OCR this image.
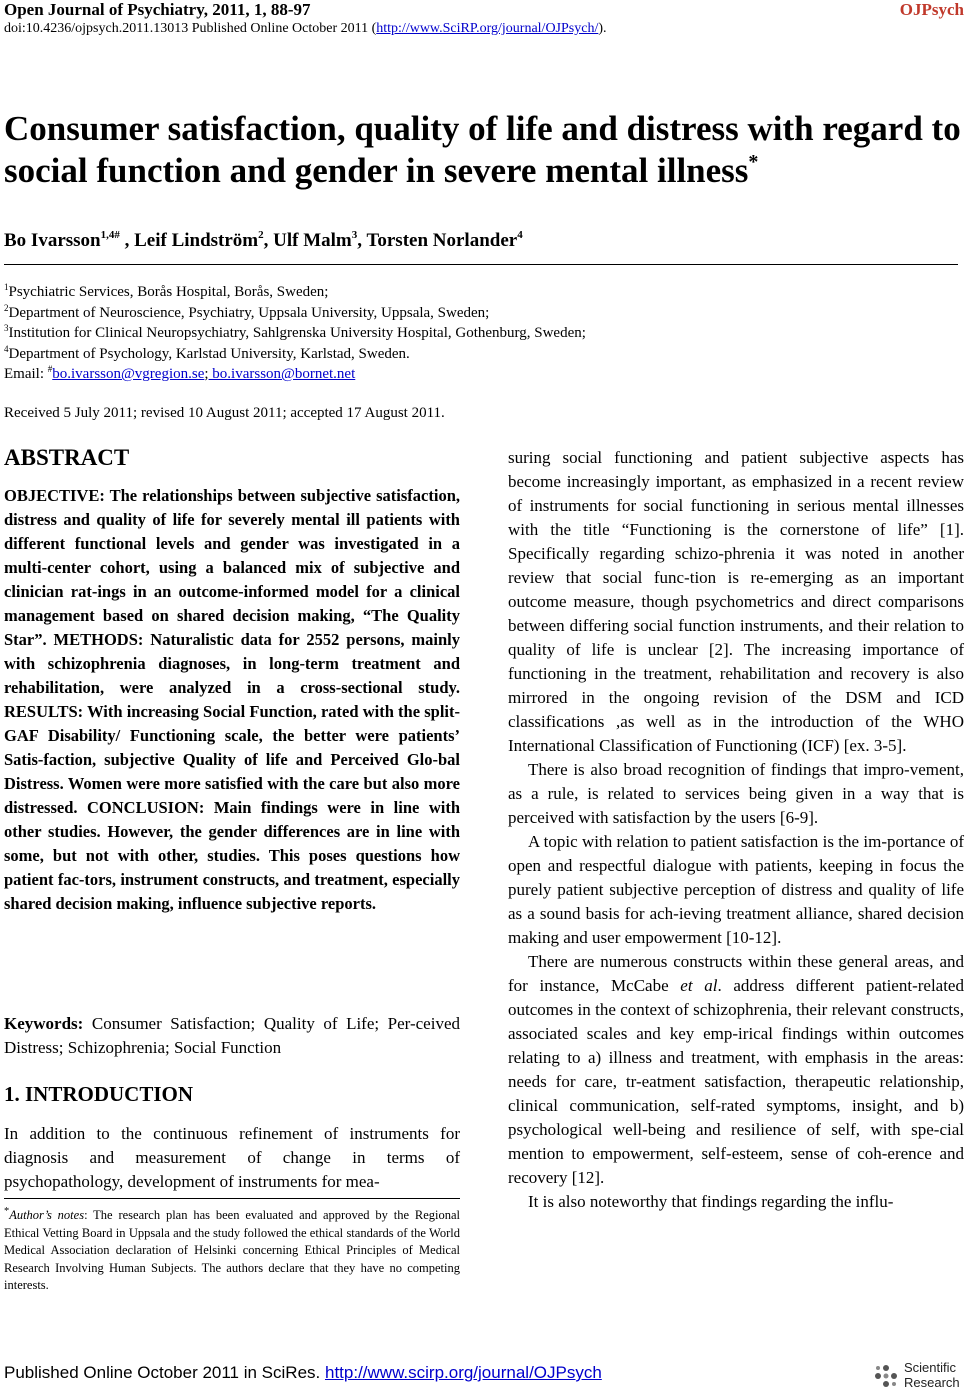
Open Journal of Psychiatry, 2011, 1, 88-97	OJPsych
doi:10.4236/ojpsych.2011.13013 Published Online October 2011 (http://www.SciRP.org/journal/OJPsych/).
Consumer satisfaction, quality of life and distress with regard to social function and gender in severe mental illness*
Bo Ivarsson$^{1,4\#}$ , Leif Lindström$^2$, Ulf Malm$^3$, Torsten Norlander$^4$
$^1$Psychiatric Services, Borås Hospital, Borås, Sweden;
$^2$Department of Neuroscience, Psychiatry, Uppsala University, Uppsala, Sweden;
$^3$Institution for Clinical Neuropsychiatry, Sahlgrenska University Hospital, Gothenburg, Sweden;
$^4$Department of Psychology, Karlstad University, Karlstad, Sweden.
Email: #bo.ivarsson@vgregion.se; bo.ivarsson@bornet.net
Received 5 July 2011; revised 10 August 2011; accepted 17 August 2011.
ABSTRACT
OBJECTIVE: The relationships between subjective satisfaction, distress and quality of life for severely mental ill patients with different functional levels and gender was investigated in a multi-center cohort, using a balanced mix of subjective and clinician rat-ings in an outcome-informed model for a clinical management based on shared decision making, “The Quality Star”. METHODS: Naturalistic data for 2552 persons, mainly with schizophrenia diagnoses, in long-term treatment and rehabilitation, were analyzed in a cross-sectional study. RESULTS: With increasing Social Function, rated with the split-GAF Disability/ Functioning scale, the better were patients’ Satis-faction, subjective Quality of life and Perceived Glo-bal Distress. Women were more satisfied with the care but also more distressed. CONCLUSION: Main findings were in line with other studies. However, the gender differences are in line with some, but not with other, studies. This poses questions how patient fac-tors, instrument constructs, and treatment, especially shared decision making, influence subjective reports.
Keywords: Consumer Satisfaction; Quality of Life; Per-ceived Distress; Schizophrenia; Social Function
1. INTRODUCTION
In addition to the continuous refinement of instruments for diagnosis and measurement of change in terms of psychopathology, development of instruments for mea-
*Author’s notes: The research plan has been evaluated and approved by the Regional Ethical Vetting Board in Uppsala and the study followed the ethical standards of the World Medical Association declaration of Helsinki concerning Ethical Principles of Medical Research Involving Human Subjects. The authors declare that they have no competing interests.

suring social functioning and patient subjective aspects has become increasingly important, as emphasized in a recent review of instruments for social functioning in serious mental illnesses with the title “Functioning is the cornerstone of life” [1]. Specifically regarding schizo-phrenia it was noted in another review that social func-tion is re-emerging as an important outcome measure, though psychometrics and direct comparisons between differing social function instruments, and their relation to quality of life is unclear [2]. The increasing importance of functioning in the treatment, rehabilitation and recovery is also mirrored in the ongoing revision of the DSM and ICD classifications ,as well as in the introduction of the WHO International Classification of Functioning (ICF) [ex. 3-5].

There is also broad recognition of findings that impro-vement, as a rule, is related to services being given in a way that is perceived with satisfaction by the users [6-9].

A topic with relation to patient satisfaction is the im-portance of open and respectful dialogue with patients, keeping in focus the purely patient subjective perception of distress and quality of life as a sound basis for ach-ieving treatment alliance, shared decision making and user empowerment [10-12].

There are numerous constructs within these general areas, and for instance, McCabe et al. address different patient-related outcomes in the context of schizophrenia, their relevant constructs, associated scales and key emp-irical findings within outcomes relating to a) illness and treatment, with emphasis in the areas: needs for care, tr-eatment satisfaction, therapeutic relationship, clinical communication, self-rated symptoms, insight, and b) psychological well-being and resilience of self, with spe-cial mention to empowerment, self-esteem, sense of coh-erence and recovery [12].

It is also noteworthy that findings regarding the influ-

Published Online October 2011 in SciRes. http://www.scirp.org/journal/OJPsych	Scientific
Research
